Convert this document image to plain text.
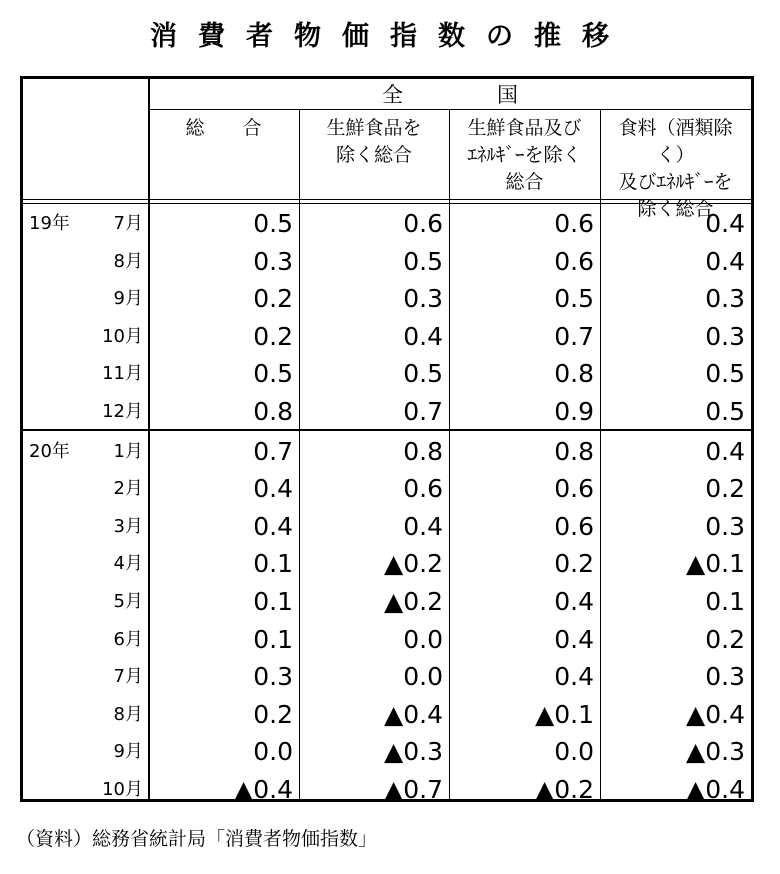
消費者物価指数の推移
全　　　　国
総　　合	生鮮食品を
除く総合
生鮮食品及び
ｴﾈﾙｷﾞｰを除く
総合
食料（酒類除く）
及びｴﾈﾙｷﾞｰを
除く総合
19年	7月	0.5	0.6	0.6	0.4
8月	0.3	0.5	0.6	0.4
9月	0.2	0.3	0.5	0.3
10月	0.2	0.4	0.7	0.3
11月	0.5	0.5	0.8	0.5
12月	0.8	0.7	0.9	0.5
20年	1月	0.7	0.8	0.8	0.4
2月	0.4	0.6	0.6	0.2
3月	0.4	0.4	0.6	0.3
4月	0.1	▲0.2	0.2	▲0.1
5月	0.1	▲0.2	0.4	0.1
6月	0.1	0.0	0.4	0.2
7月	0.3	0.0	0.4	0.3
8月	0.2	▲0.4	▲0.1	▲0.4
9月	0.0	▲0.3	0.0	▲0.3
10月	▲0.4	▲0.7	▲0.2	▲0.4
（資料）総務省統計局「消費者物価指数」
